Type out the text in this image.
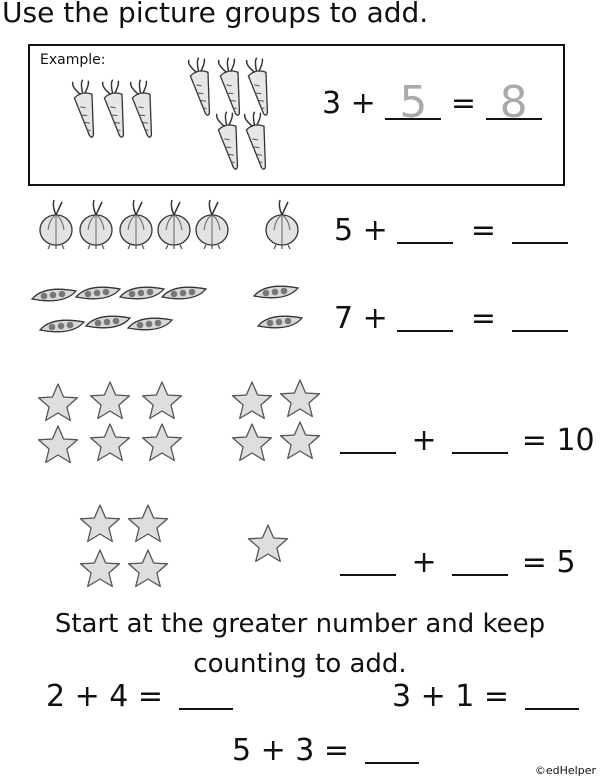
Use the picture groups to add.
Example:
3 + 5 = 8
5 +	=
7 +	=
+	= 10
+	= 5
Start at the greater number and keep counting to add.
2 + 4 =	3 + 1 =
5 + 3 =
©edHelper
